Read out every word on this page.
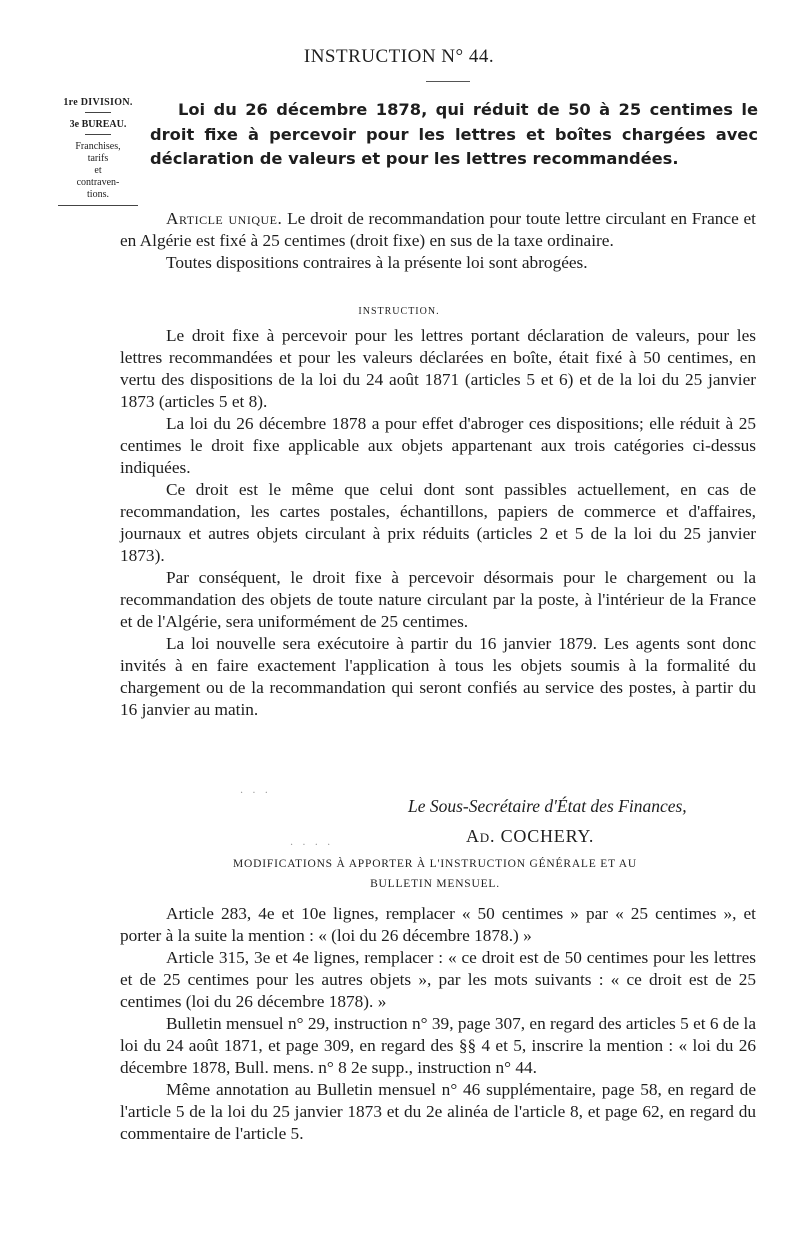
INSTRUCTION N° 44.
1re DIVISION.
3e BUREAU.
Franchises,
tarifs
et
contraven-
tions.
Loi du 26 décembre 1878, qui réduit de 50 à 25 centimes le droit fixe à percevoir pour les lettres et boîtes chargées avec déclaration de valeurs et pour les lettres recommandées.

Article unique. Le droit de recommandation pour toute lettre circulant en France et en Algérie est fixé à 25 centimes (droit fixe) en sus de la taxe ordinaire.

Toutes dispositions contraires à la présente loi sont abrogées.

INSTRUCTION.

Le droit fixe à percevoir pour les lettres portant déclaration de valeurs, pour les lettres recommandées et pour les valeurs déclarées en boîte, était fixé à 50 centimes, en vertu des dispositions de la loi du 24 août 1871 (articles 5 et 6) et de la loi du 25 janvier 1873 (articles 5 et 8).

La loi du 26 décembre 1878 a pour effet d'abroger ces dispositions; elle réduit à 25 centimes le droit fixe applicable aux objets appartenant aux trois catégories ci-dessus indiquées.

Ce droit est le même que celui dont sont passibles actuellement, en cas de recommandation, les cartes postales, échantillons, papiers de commerce et d'affaires, journaux et autres objets circulant à prix réduits (articles 2 et 5 de la loi du 25 janvier 1873).

Par conséquent, le droit fixe à percevoir désormais pour le chargement ou la recommandation des objets de toute nature circulant par la poste, à l'intérieur de la France et de l'Algérie, sera uniformément de 25 centimes.

La loi nouvelle sera exécutoire à partir du 16 janvier 1879. Les agents sont donc invités à en faire exactement l'application à tous les objets soumis à la formalité du chargement ou de la recommandation qui seront confiés au service des postes, à partir du 16 janvier au matin.

Le Sous-Secrétaire d'État des Finances,
Ad. COCHERY.
· · ·
· · · ·
MODIFICATIONS À APPORTER À L'INSTRUCTION GÉNÉRALE ET AU
BULLETIN MENSUEL.

Article 283, 4e et 10e lignes, remplacer « 50 centimes » par « 25 centimes », et porter à la suite la mention : « (loi du 26 décembre 1878.) »

Article 315, 3e et 4e lignes, remplacer : « ce droit est de 50 centimes pour les lettres et de 25 centimes pour les autres objets », par les mots suivants : « ce droit est de 25 centimes (loi du 26 décembre 1878). »

Bulletin mensuel n° 29, instruction n° 39, page 307, en regard des articles 5 et 6 de la loi du 24 août 1871, et page 309, en regard des §§ 4 et 5, inscrire la mention : « loi du 26 décembre 1878, Bull. mens. n° 8 2e supp., instruction n° 44.

Même annotation au Bulletin mensuel n° 46 supplémentaire, page 58, en regard de l'article 5 de la loi du 25 janvier 1873 et du 2e alinéa de l'article 8, et page 62, en regard du commentaire de l'article 5.
